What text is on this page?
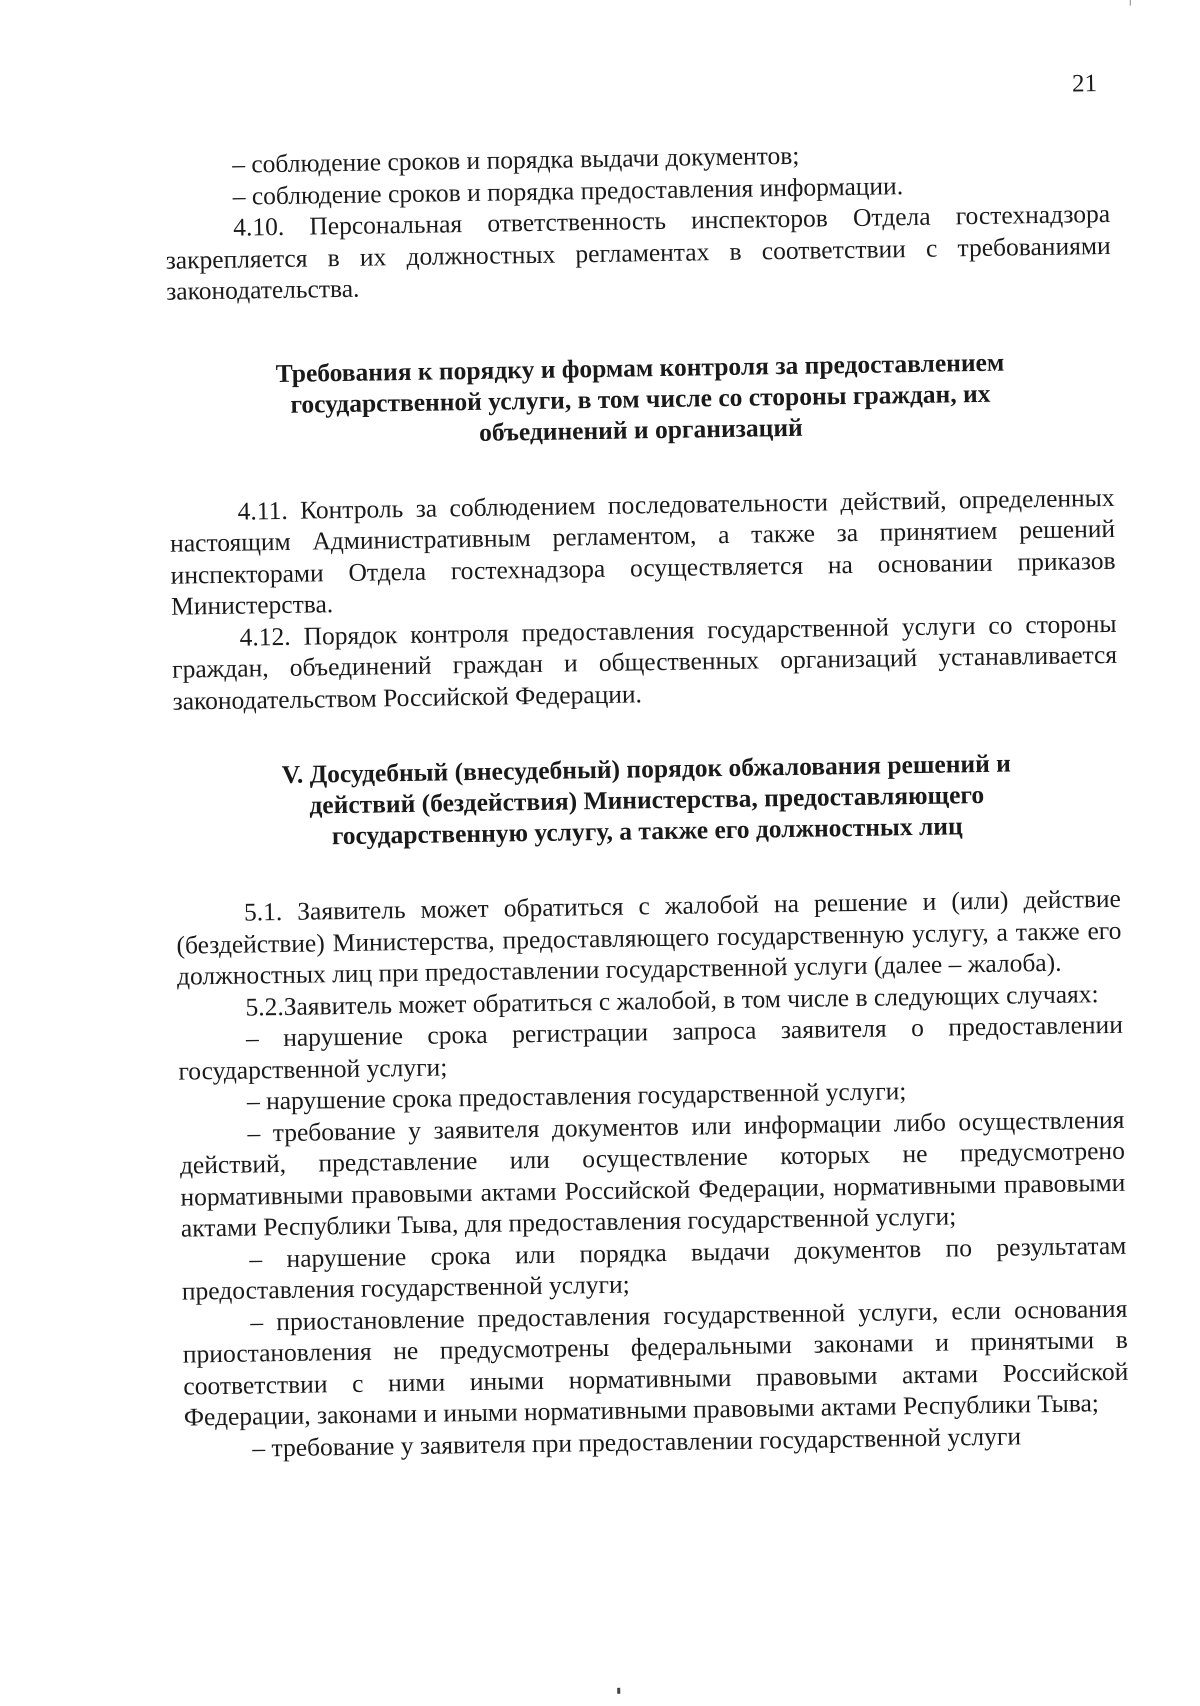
21

– соблюдение сроков и порядка выдачи документов;

– соблюдение сроков и порядка предоставления информации.

4.10. Персональная ответственность инспекторов Отдела гостехнадзора закрепляется в их должностных регламентах в соответствии с требованиями законодательства.

Требования к порядку и формам контроля за предоставлением государственной услуги, в том числе со стороны граждан, их объединений и организаций

4.11. Контроль за соблюдением последовательности действий, определенных настоящим Административным регламентом, а также за принятием решений инспекторами Отдела гостехнадзора осуществляется на основании приказов Министерства.

4.12. Порядок контроля предоставления государственной услуги со стороны граждан, объединений граждан и общественных организаций устанавливается законодательством Российской Федерации.

V. Досудебный (внесудебный) порядок обжалования решений и действий (бездействия) Министерства, предоставляющего государственную услугу, а также его должностных лиц

5.1. Заявитель может обратиться с жалобой на решение и (или) действие (бездействие) Министерства, предоставляющего государственную услугу, а также его должностных лиц при предоставлении государственной услуги (далее – жалоба).

5.2.Заявитель может обратиться с жалобой, в том числе в следующих случаях:

– нарушение срока регистрации запроса заявителя о предоставлении государственной услуги;

– нарушение срока предоставления государственной услуги;

– требование у заявителя документов или информации либо осуществления действий, представление или осуществление которых не предусмотрено нормативными правовыми актами Российской Федерации, нормативными правовыми актами Республики Тыва, для предоставления государственной услуги;

– нарушение срока или порядка выдачи документов по результатам предоставления государственной услуги;

– приостановление предоставления государственной услуги, если основания приостановления не предусмотрены федеральными законами и принятыми в соответствии с ними иными нормативными правовыми актами Российской Федерации, законами и иными нормативными правовыми актами Республики Тыва;

– требование у заявителя при предоставлении государственной услуги
